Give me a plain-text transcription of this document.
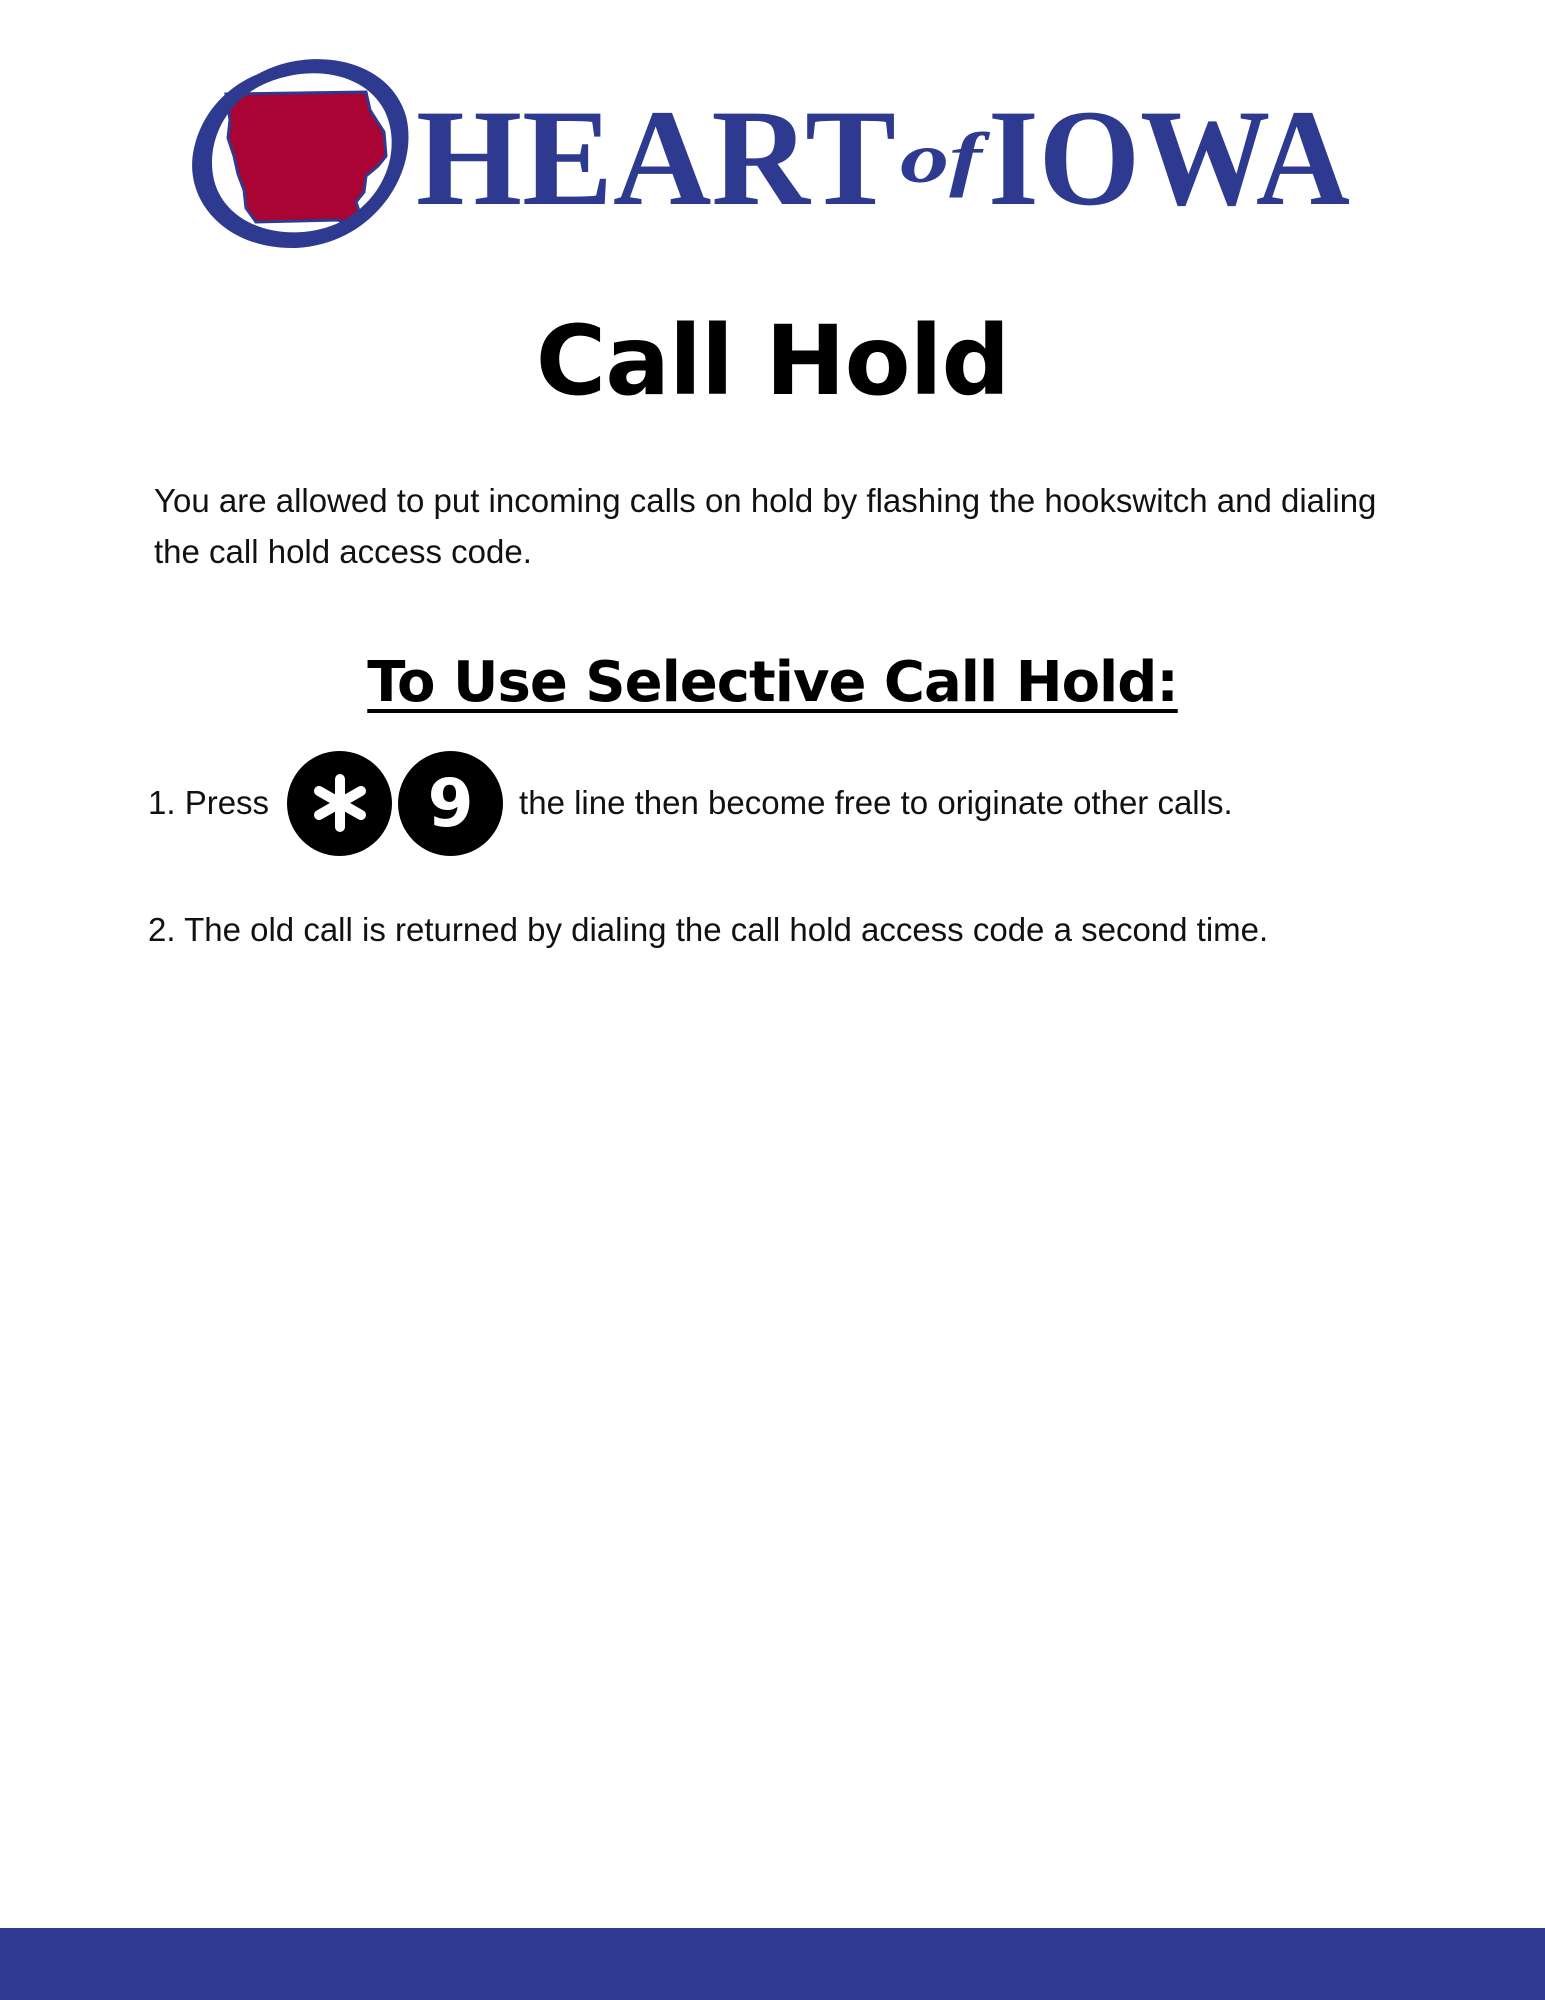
HEART of
IOWA
Call Hold

You are allowed to put incoming calls on hold by flashing the hookswitch and dialing the call hold access code.

To Use Selective Call Hold:
1. Press	9	the line then become free to originate other calls.
2. The old call is returned by dialing the call hold access code a second time.
